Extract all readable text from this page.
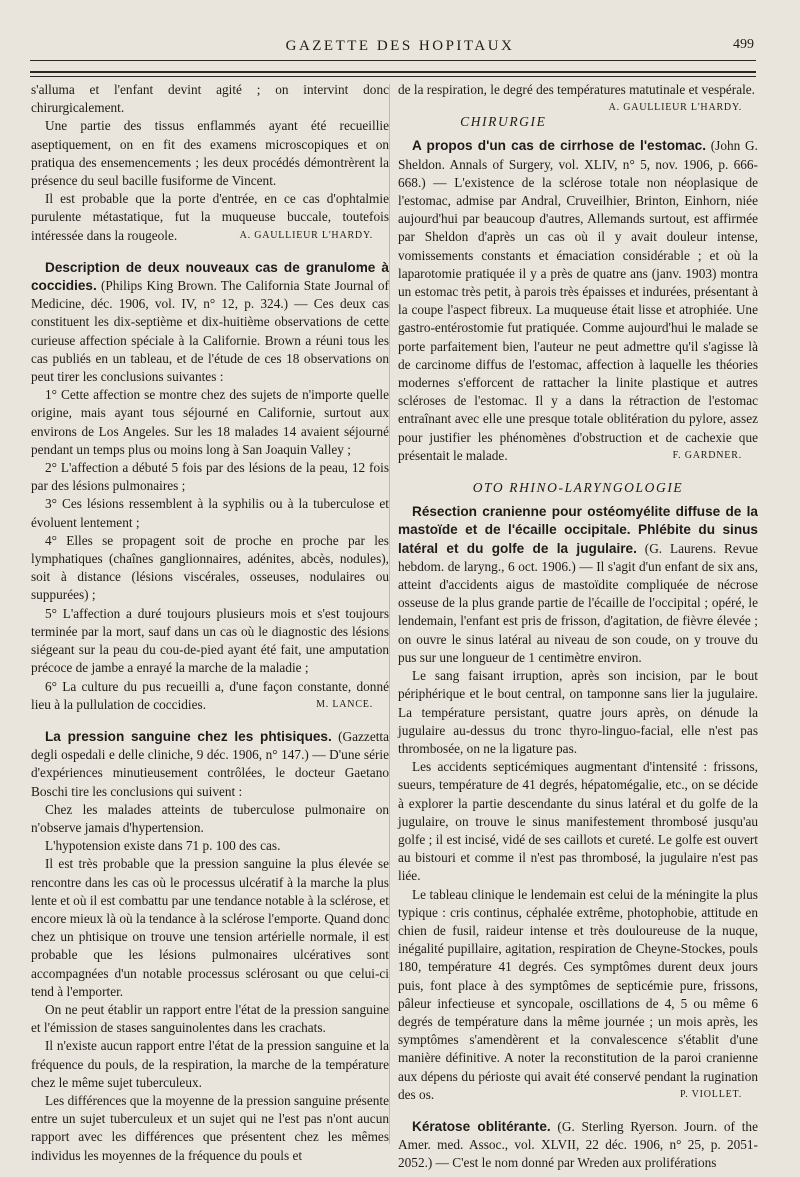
GAZETTE DES HOPITAUX	499

s'alluma et l'enfant devint agité ; on intervint donc chirurgicalement.

Une partie des tissus enflammés ayant été recueillie aseptiquement, on en fit des examens microscopiques et on pratiqua des ensemencements ; les deux procédés démontrèrent la présence du seul bacille fusiforme de Vincent.

Il est probable que la porte d'entrée, en ce cas d'ophtalmie purulente métastatique, fut la muqueuse buccale, toutefois intéressée dans la rougeole.	A. GAULLIEUR L'HARDY.

Description de deux nouveaux cas de granulome à coccidies. (Philips King Brown. The California State Journal of Medicine, déc. 1906, vol. IV, n° 12, p. 324.) — Ces deux cas constituent les dix-septième et dix-huitième observations de cette curieuse affection spéciale à la Californie. Brown a réuni tous les cas publiés en un tableau, et de l'étude de ces 18 observations on peut tirer les conclusions suivantes :

1° Cette affection se montre chez des sujets de n'importe quelle origine, mais ayant tous séjourné en Californie, surtout aux environs de Los Angeles. Sur les 18 malades 14 avaient séjourné pendant un temps plus ou moins long à San Joaquin Valley ;

2° L'affection a débuté 5 fois par des lésions de la peau, 12 fois par des lésions pulmonaires ;

3° Ces lésions ressemblent à la syphilis ou à la tuberculose et évoluent lentement ;

4° Elles se propagent soit de proche en proche par les lymphatiques (chaînes ganglionnaires, adénites, abcès, nodules), soit à distance (lésions viscérales, osseuses, nodulaires ou suppurées) ;

5° L'affection a duré toujours plusieurs mois et s'est toujours terminée par la mort, sauf dans un cas où le diagnostic des lésions siégeant sur la peau du cou-de-pied ayant été fait, une amputation précoce de jambe a enrayé la marche de la maladie ;

6° La culture du pus recueilli a, d'une façon constante, donné lieu à la pullulation de coccidies.	M. LANCE.

La pression sanguine chez les phtisiques. (Gazzetta degli ospedali e delle cliniche, 9 déc. 1906, n° 147.) — D'une série d'expériences minutieusement contrôlées, le docteur Gaetano Boschi tire les conclusions qui suivent :

Chez les malades atteints de tuberculose pulmonaire on n'observe jamais d'hypertension.

L'hypotension existe dans 71 p. 100 des cas.

Il est très probable que la pression sanguine la plus élevée se rencontre dans les cas où le processus ulcératif à la marche la plus lente et où il est combattu par une tendance notable à la sclérose, et encore mieux là où la tendance à la sclérose l'emporte. Quand donc chez un phtisique on trouve une tension artérielle normale, il est probable que les lésions pulmonaires ulcératives sont accompagnées d'un notable processus sclérosant ou que celui-ci tend à l'emporter.

On ne peut établir un rapport entre l'état de la pression sanguine et l'émission de stases sanguinolentes dans les crachats.

Il n'existe aucun rapport entre l'état de la pression sanguine et la fréquence du pouls, de la respiration, la marche de la température chez le même sujet tuberculeux.

Les différences que la moyenne de la pression sanguine présente entre un sujet tuberculeux et un sujet qui ne l'est pas n'ont aucun rapport avec les différences que présentent chez les mêmes individus les moyennes de la fréquence du pouls et

de la respiration, le degré des températures matutinale et vespérale.
A. GAULLIEUR L'HARDY.

CHIRURGIE

A propos d'un cas de cirrhose de l'estomac. (John G. Sheldon. Annals of Surgery, vol. XLIV, n° 5, nov. 1906, p. 666-668.) — L'existence de la sclérose totale non néoplasique de l'estomac, admise par Andral, Cruveilhier, Brinton, Einhorn, niée aujourd'hui par beaucoup d'autres, Allemands surtout, est affirmée par Sheldon d'après un cas où il y avait douleur intense, vomissements constants et émaciation considérable ; et où la laparotomie pratiquée il y a près de quatre ans (janv. 1903) montra un estomac très petit, à parois très épaisses et indurées, présentant à la coupe l'aspect fibreux. La muqueuse était lisse et atrophiée. Une gastro-entérostomie fut pratiquée. Comme aujourd'hui le malade se porte parfaitement bien, l'auteur ne peut admettre qu'il s'agisse là de carcinome diffus de l'estomac, affection à laquelle les théories modernes s'efforcent de rattacher la linite plastique et autres scléroses de l'estomac. Il y a dans la rétraction de l'estomac entraînant avec elle une presque totale oblitération du pylore, assez pour justifier les phénomènes d'obstruction et de cachexie que présentait le malade.	F. GARDNER.

OTO RHINO-LARYNGOLOGIE

Résection cranienne pour ostéomyélite diffuse de la mastoïde et de l'écaille occipitale. Phlébite du sinus latéral et du golfe de la jugulaire. (G. Laurens. Revue hebdom. de laryng., 6 oct. 1906.) — Il s'agit d'un enfant de six ans, atteint d'accidents aigus de mastoïdite compliquée de nécrose osseuse de la plus grande partie de l'écaille de l'occipital ; opéré, le lendemain, l'enfant est pris de frisson, d'agitation, de fièvre élevée ; on ouvre le sinus latéral au niveau de son coude, on y trouve du pus sur une longueur de 1 centimètre environ.

Le sang faisant irruption, après son incision, par le bout périphérique et le bout central, on tamponne sans lier la jugulaire. La température persistant, quatre jours après, on dénude la jugulaire au-dessus du tronc thyro-linguo-facial, elle n'est pas thrombosée, on ne la ligature pas.

Les accidents septicémiques augmentant d'intensité : frissons, sueurs, température de 41 degrés, hépatomégalie, etc., on se décide à explorer la partie descendante du sinus latéral et du golfe de la jugulaire, on trouve le sinus manifestement thrombosé jusqu'au golfe ; il est incisé, vidé de ses caillots et cureté. Le golfe est ouvert au bistouri et comme il n'est pas thrombosé, la jugulaire n'est pas liée.

Le tableau clinique le lendemain est celui de la méningite la plus typique : cris continus, céphalée extrême, photophobie, attitude en chien de fusil, raideur intense et très douloureuse de la nuque, inégalité pupillaire, agitation, respiration de Cheyne-Stockes, pouls 180, température 41 degrés. Ces symptômes durent deux jours puis, font place à des symptômes de septicémie pure, frissons, pâleur infectieuse et syncopale, oscillations de 4, 5 ou même 6 degrés de température dans la même journée ; un mois après, les symptômes s'amendèrent et la convalescence s'établit d'une manière définitive. A noter la reconstitution de la paroi cranienne aux dépens du périoste qui avait été conservé pendant la rugination des os.	P. VIOLLET.

Kératose oblitérante. (G. Sterling Ryerson. Journ. of the Amer. med. Assoc., vol. XLVII, 22 déc. 1906, n° 25, p. 2051-2052.) — C'est le nom donné par Wreden aux proliférations
